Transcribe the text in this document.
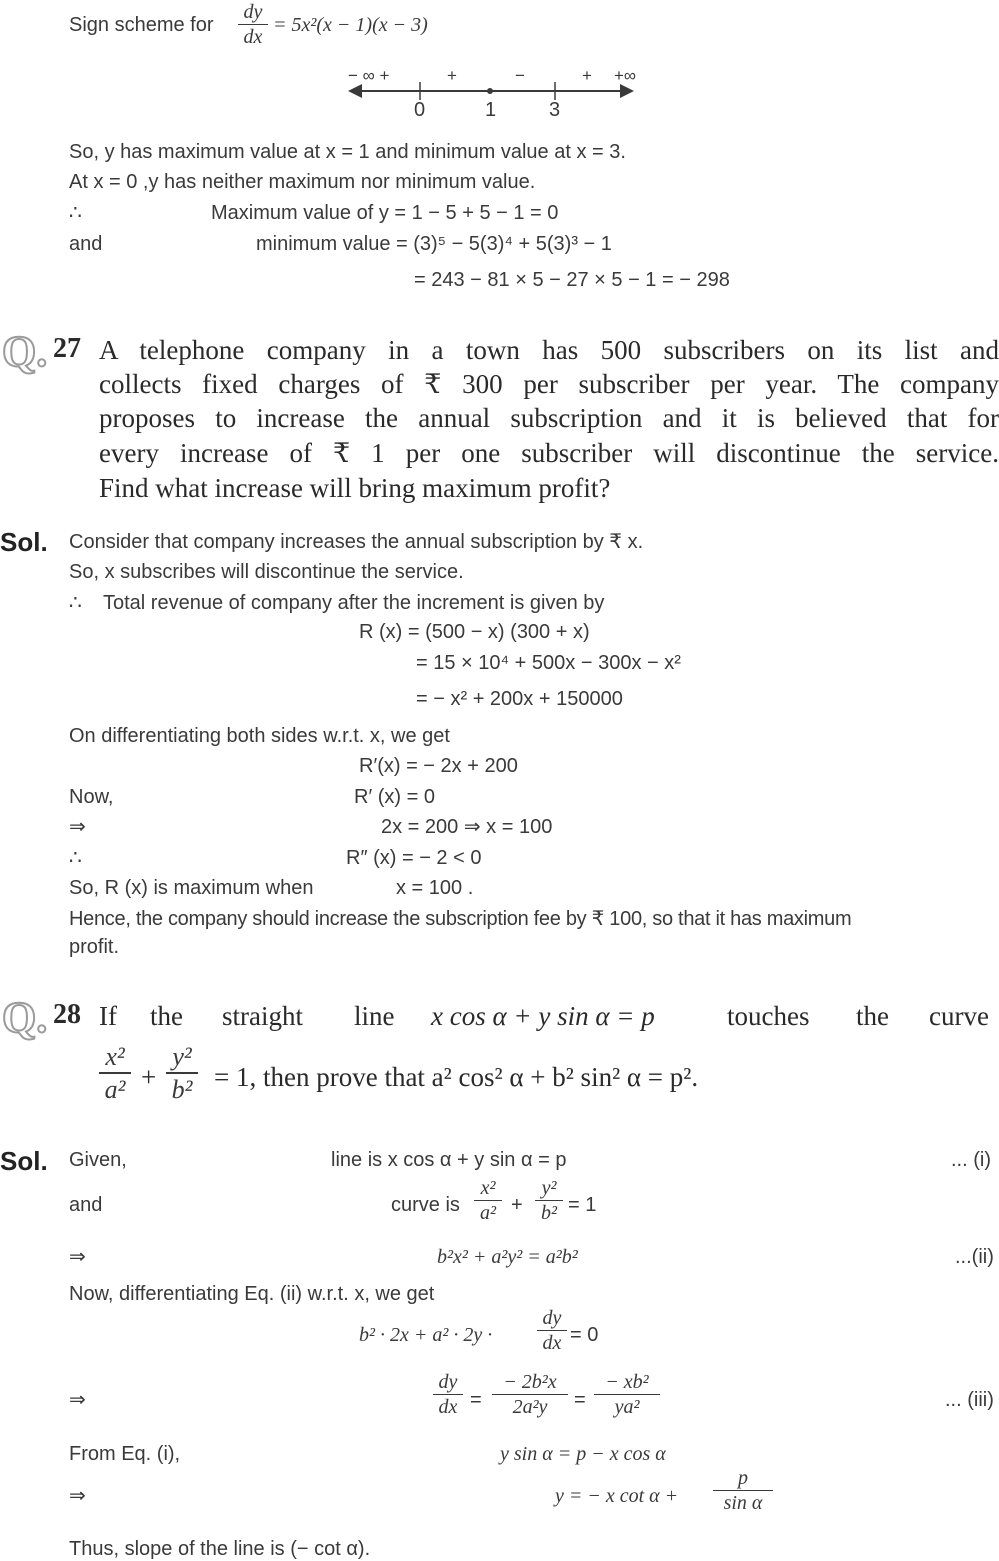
Sign scheme for $\frac{dy}{dx} = 5x^2(x - 1)(x - 3)$
− ∞ +	+	−	+ +∞
0	1	3
So, y has maximum value at x = 1 and minimum value at x = 3.
At x = 0 ,y has neither maximum nor minimum value.
∴	Maximum value of y = 1 − 5 + 5 − 1 = 0
and	minimum value = (3)⁵ − 5(3)⁴ + 5(3)³ − 1
= 243 − 81 × 5 − 27 × 5 − 1 = − 298
Q. 27 A telephone company in a town has 500 subscribers on its list and
collects fixed charges of ₹ 300 per subscriber per year. The company
proposes to increase the annual subscription and it is believed that for
every increase of ₹ 1 per one subscriber will discontinue the service.
Find what increase will bring maximum profit?
Sol. Consider that company increases the annual subscription by ₹ x.
So, x subscribes will discontinue the service.
∴ Total revenue of company after the increment is given by
R (x) = (500 − x) (300 + x)
= 15 × 10⁴ + 500x − 300x − x²
= − x² + 200x + 150000
On differentiating both sides w.r.t. x, we get
R′(x) = − 2x + 200
Now,	R′ (x) = 0
⇒	2x = 200 ⇒ x = 100
∴	R″ (x) = − 2 < 0
So, R (x) is maximum when	x = 100 .
Hence, the company should increase the subscription fee by ₹ 100, so that it has maximum
profit.
Q. 28 If the straight line x cos α + y sin α = p	touches the curve
$\frac{\text{x²}}{\text{a²}} + \frac{\text{y²}}{\text{b²}} = 1$, then prove that a² cos² α + b² sin² α = p².
Sol. Given,	line is x cos α + y sin α = p	... (i)
and	curve is $\frac{\text{x²}}{\text{a²}} + \frac{\text{y²}}{\text{b²}} = 1$
⇒	b²x² + a²y² = a²b²	...(ii)
Now, differentiating Eq. (ii) w.r.t. x, we get
$b^2 \cdot 2x + a^2 \cdot 2y \cdot \frac{dy}{dx} = 0$
⇒	$\frac{dy}{dx} = \frac{\text{− 2b²x}}{\text{2a²y}} = \frac{\text{− xb²}}{\text{ya²}}$	... (iii)
From Eq. (i),	y sin α = p − x cos α
⇒	y = − x $\cot \alpha + \frac{p}{\text{sin α}}$
Thus, slope of the line is (− cot α).
